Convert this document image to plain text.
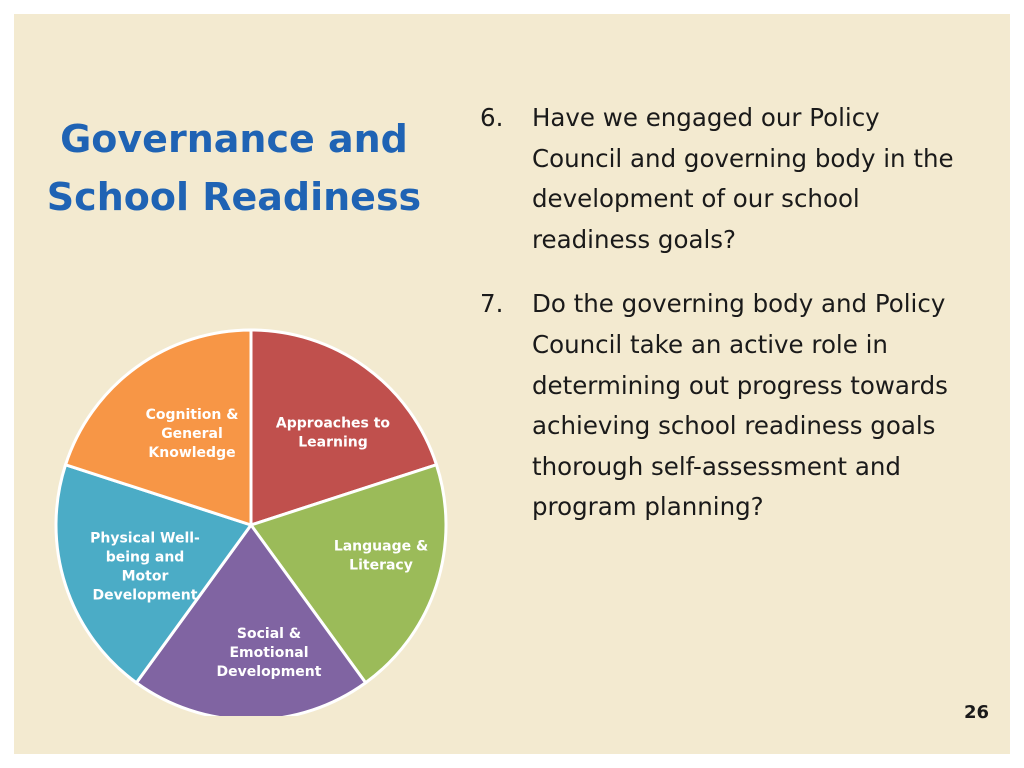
Governance and
School Readiness
6.	Have we engaged our Policy
Council and governing body in the
development of our school
readiness goals?
7.	Do the governing body and Policy
Council take an active role in
determining out progress towards
achieving school readiness goals
thorough self-assessment and
program planning?
Approaches to
Learning
Language &
Literacy
Social &
Emotional
Development
Physical Well-
being and
Motor
Development
Cognition &
General
Knowledge
26
